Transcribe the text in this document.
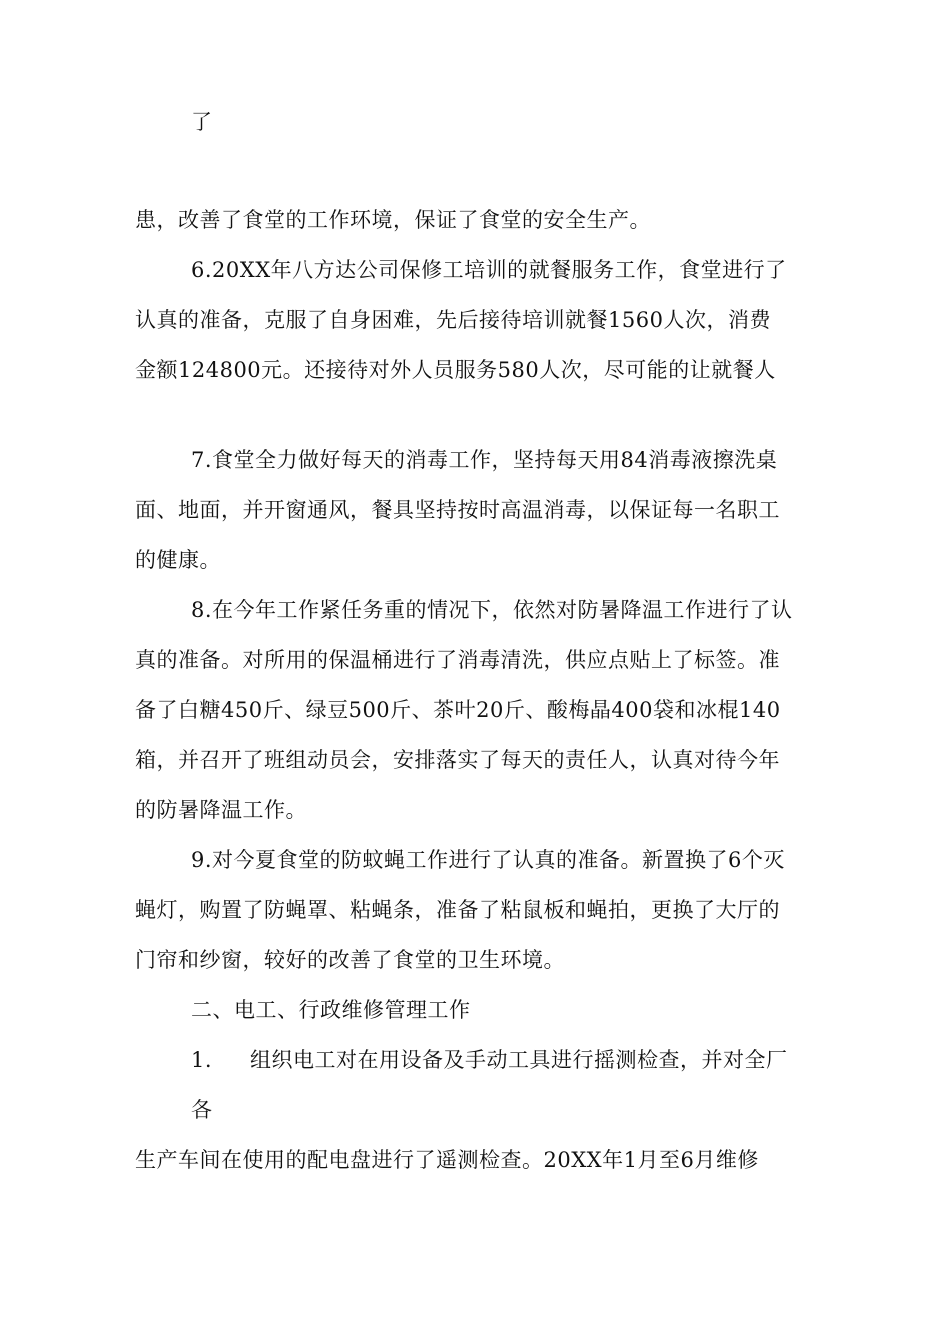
了
患，改善了食堂的工作环境，保证了食堂的安全生产。
6.20XX年八方达公司保修工培训的就餐服务工作，食堂进行了
认真的准备，克服了自身困难，先后接待培训就餐1560人次，消费
金额124800元。还接待对外人员服务580人次，尽可能的让就餐人
7.食堂全力做好每天的消毒工作，坚持每天用84消毒液擦洗桌
面、地面，并开窗通风，餐具坚持按时高温消毒，以保证每一名职工
的健康。
8.在今年工作紧任务重的情况下，依然对防暑降温工作进行了认
真的准备。对所用的保温桶进行了消毒清洗，供应点贴上了标签。准
备了白糖450斤、绿豆500斤、茶叶20斤、酸梅晶400袋和冰棍140
箱，并召开了班组动员会，安排落实了每天的责任人，认真对待今年
的防暑降温工作。
9.对今夏食堂的防蚊蝇工作进行了认真的准备。新置换了6个灭
蝇灯，购置了防蝇罩、粘蝇条，准备了粘鼠板和蝇拍，更换了大厅的
门帘和纱窗，较好的改善了食堂的卫生环境。
二、电工、行政维修管理工作
1. 组织电工对在用设备及手动工具进行摇测检查，并对全厂
各
生产车间在使用的配电盘进行了遥测检查。20XX年1月至6月维修
